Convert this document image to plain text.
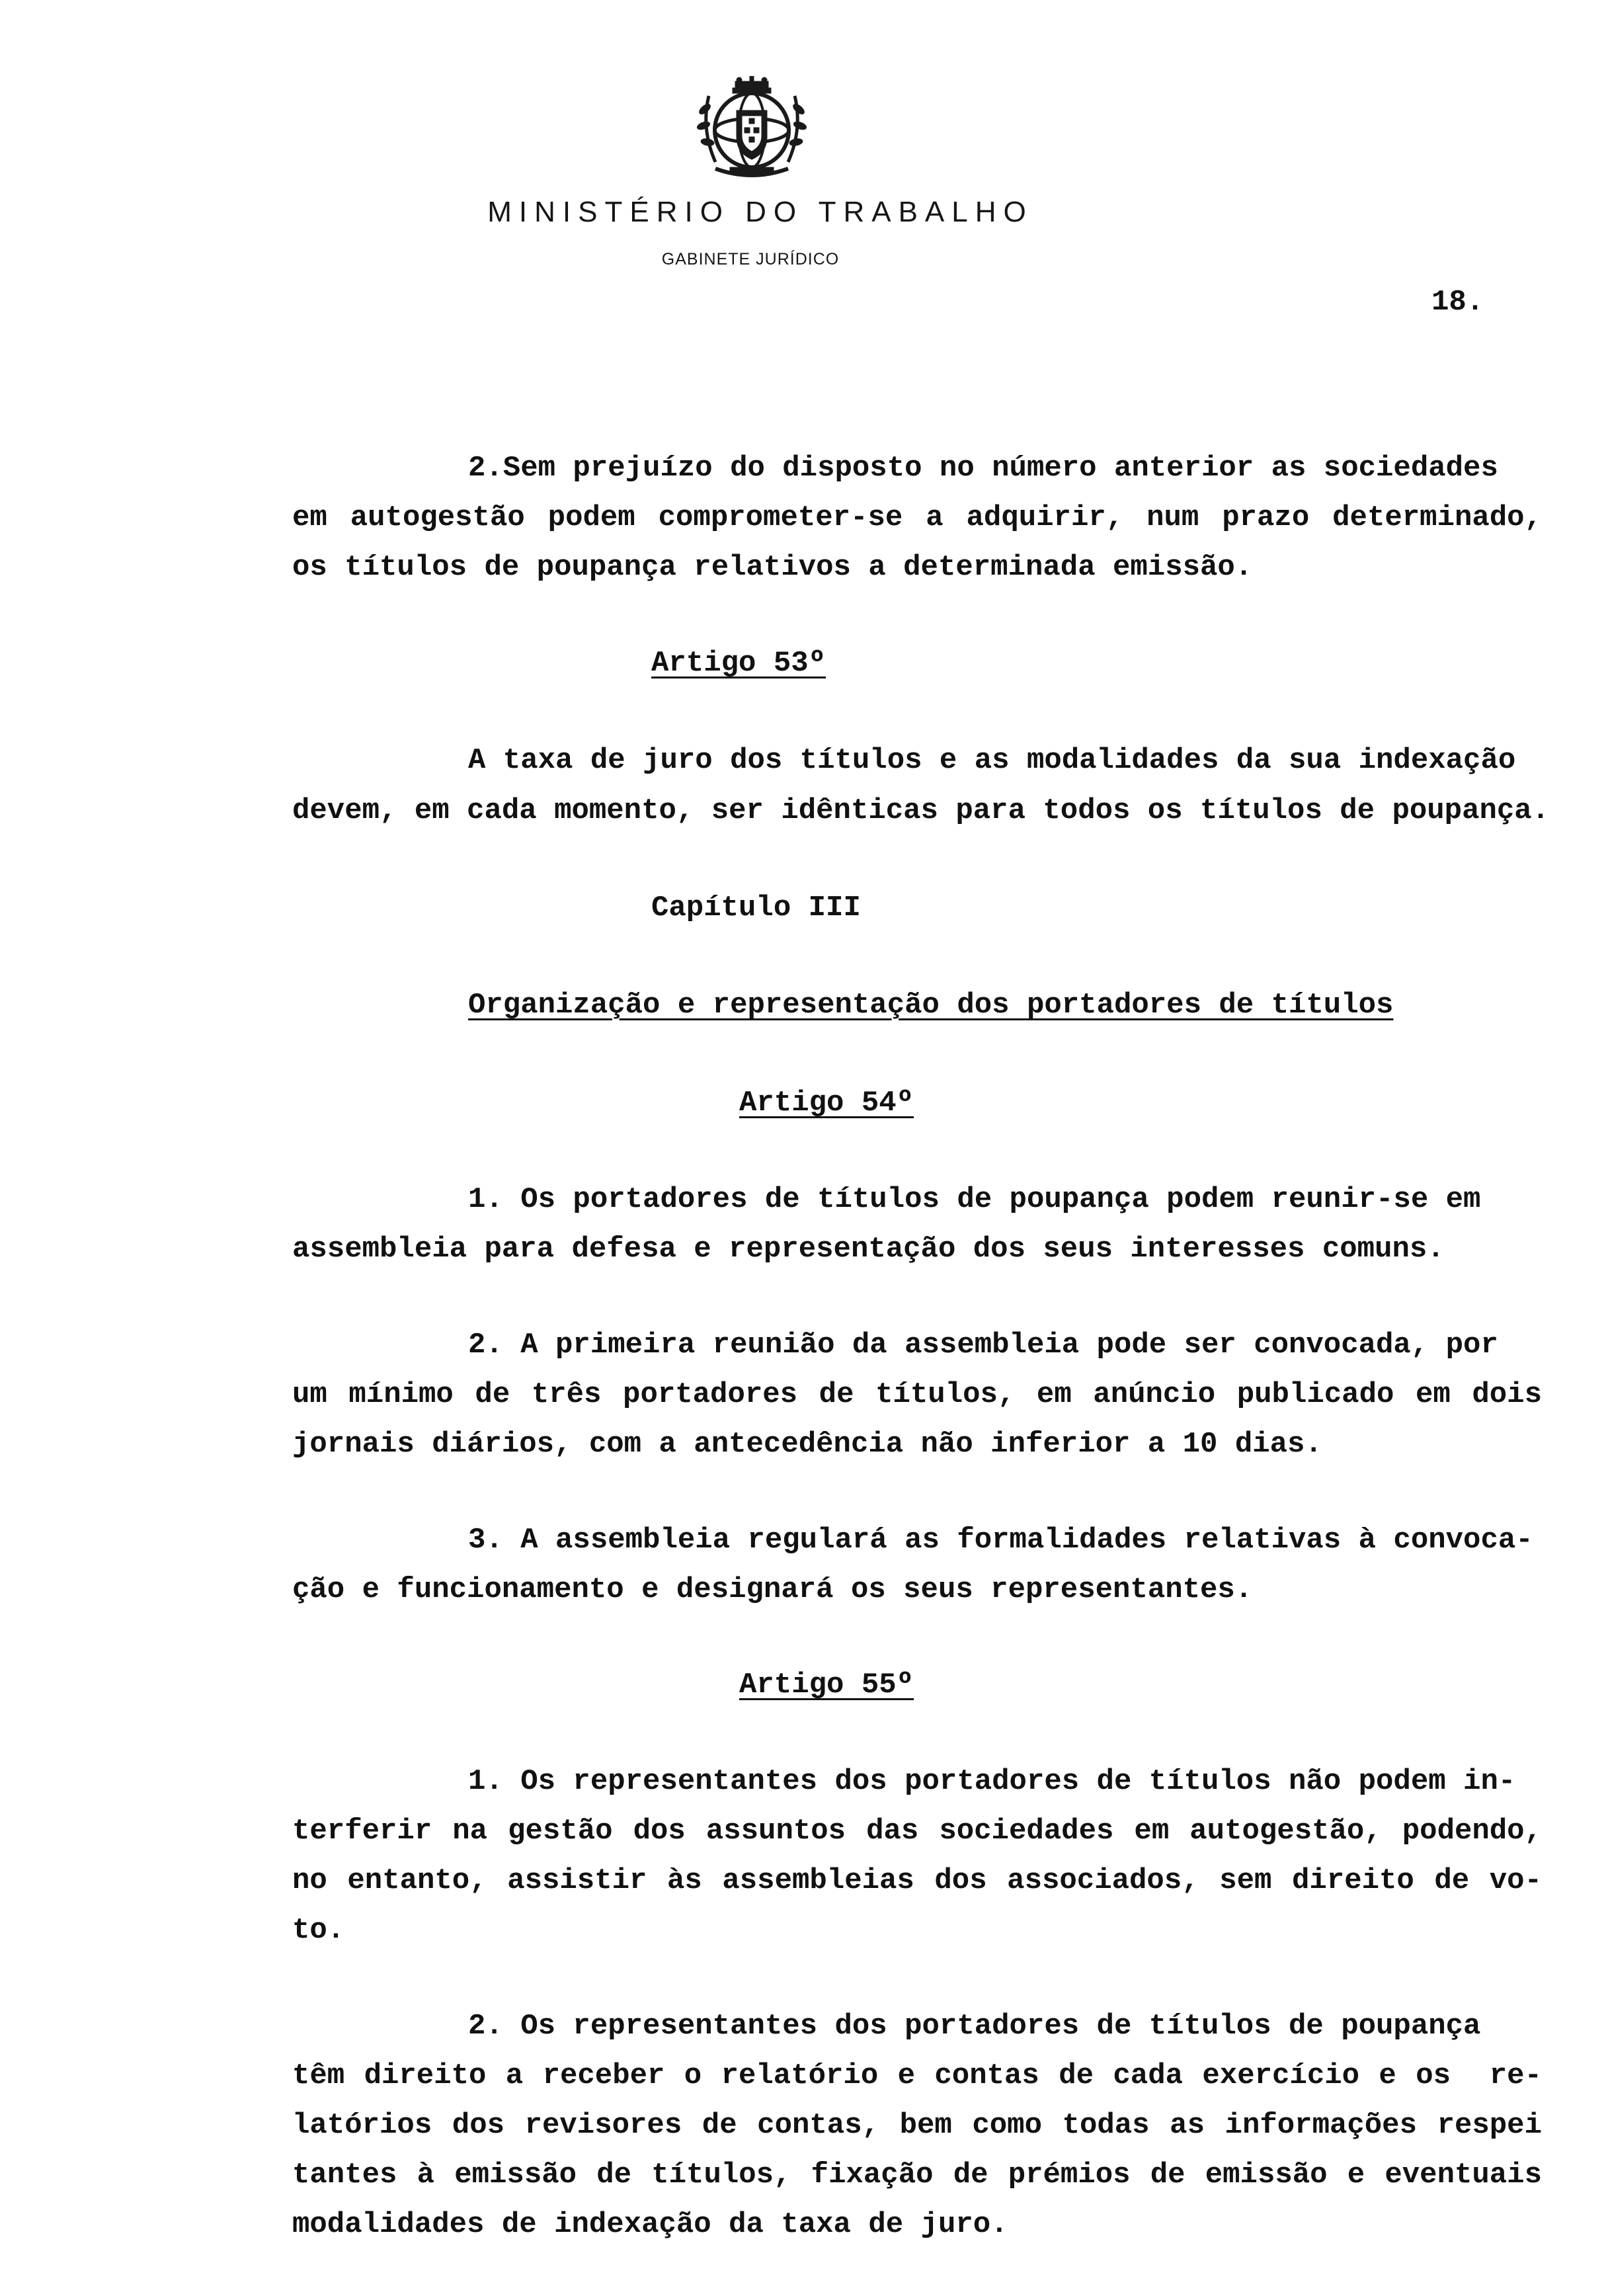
MINISTÉRIO DO TRABALHO
GABINETE JURÍDICO
18.
2.Sem prejuízo do disposto no número anterior as sociedades
em autogestão podem comprometer-se a adquirir, num prazo determinado,
os títulos de poupança relativos a determinada emissão.
Artigo 53º
A taxa de juro dos títulos e as modalidades da sua indexação
devem, em cada momento, ser idênticas para todos os títulos de poupança.
Capítulo III
Organização e representação dos portadores de títulos
Artigo 54º
1. Os portadores de títulos de poupança podem reunir-se em
assembleia para defesa e representação dos seus interesses comuns.
2. A primeira reunião da assembleia pode ser convocada, por
um mínimo de três portadores de títulos, em anúncio publicado em dois
jornais diários, com a antecedência não inferior a 10 dias.
3. A assembleia regulará as formalidades relativas à convoca-
ção e funcionamento e designará os seus representantes.
Artigo 55º
1. Os representantes dos portadores de títulos não podem in-
terferir na gestão dos assuntos das sociedades em autogestão, podendo,
no entanto, assistir às assembleias dos associados, sem direito de vo-
to.
2. Os representantes dos portadores de títulos de poupança
têm direito a receber o relatório e contas de cada exercício e os  re-
latórios dos revisores de contas, bem como todas as informações respei
tantes à emissão de títulos, fixação de prémios de emissão e eventuais
modalidades de indexação da taxa de juro.
